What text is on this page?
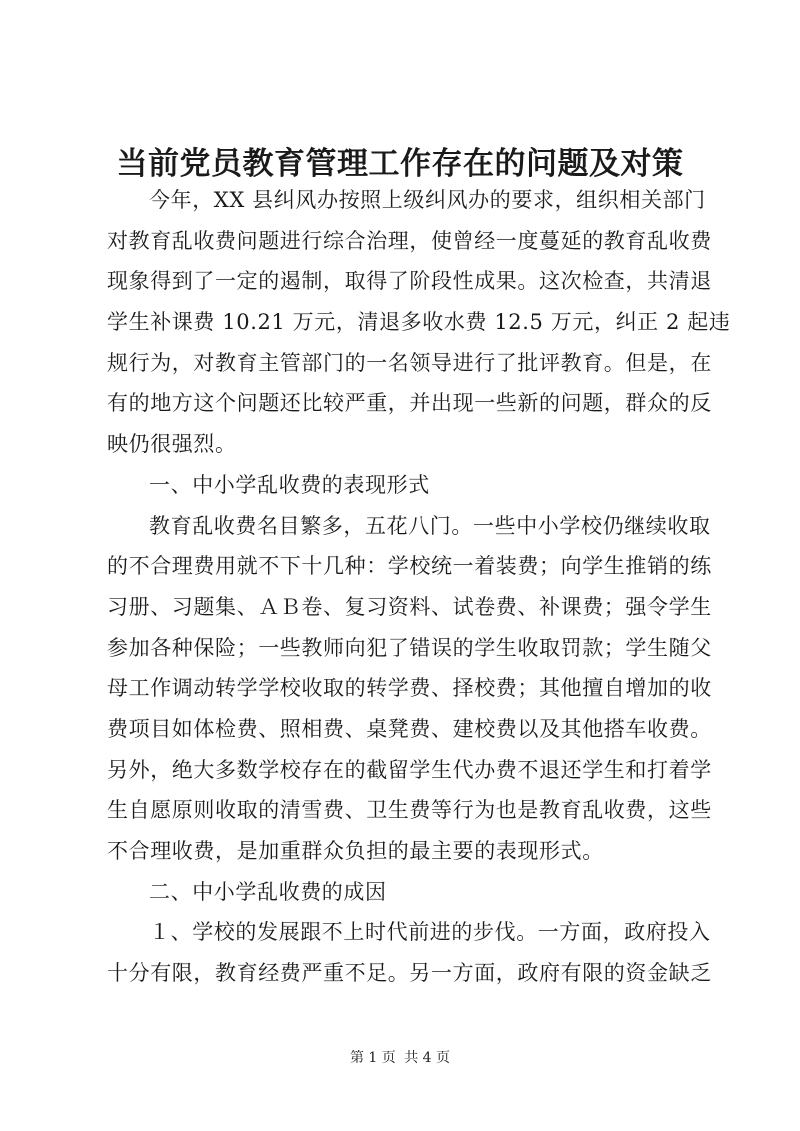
当前党员教育管理工作存在的问题及对策
今年，XX 县纠风办按照上级纠风办的要求，组织相关部门
对教育乱收费问题进行综合治理，使曾经一度蔓延的教育乱收费
现象得到了一定的遏制，取得了阶段性成果。这次检查，共清退
学生补课费 10.21 万元，清退多收水费 12.5 万元，纠正 2 起违
规行为，对教育主管部门的一名领导进行了批评教育。但是，在
有的地方这个问题还比较严重，并出现一些新的问题，群众的反
映仍很强烈。
一、中小学乱收费的表现形式
教育乱收费名目繁多，五花八门。一些中小学校仍继续收取
的不合理费用就不下十几种：学校统一着装费；向学生推销的练
习册、习题集、ＡＢ卷、复习资料、试卷费、补课费；强令学生
参加各种保险；一些教师向犯了错误的学生收取罚款；学生随父
母工作调动转学学校收取的转学费、择校费；其他擅自增加的收
费项目如体检费、照相费、桌凳费、建校费以及其他搭车收费。
另外，绝大多数学校存在的截留学生代办费不退还学生和打着学
生自愿原则收取的清雪费、卫生费等行为也是教育乱收费，这些
不合理收费，是加重群众负担的最主要的表现形式。
二、中小学乱收费的成因
１、学校的发展跟不上时代前进的步伐。一方面，政府投入
十分有限，教育经费严重不足。另一方面，政府有限的资金缺乏
第 1 页 共 4 页
